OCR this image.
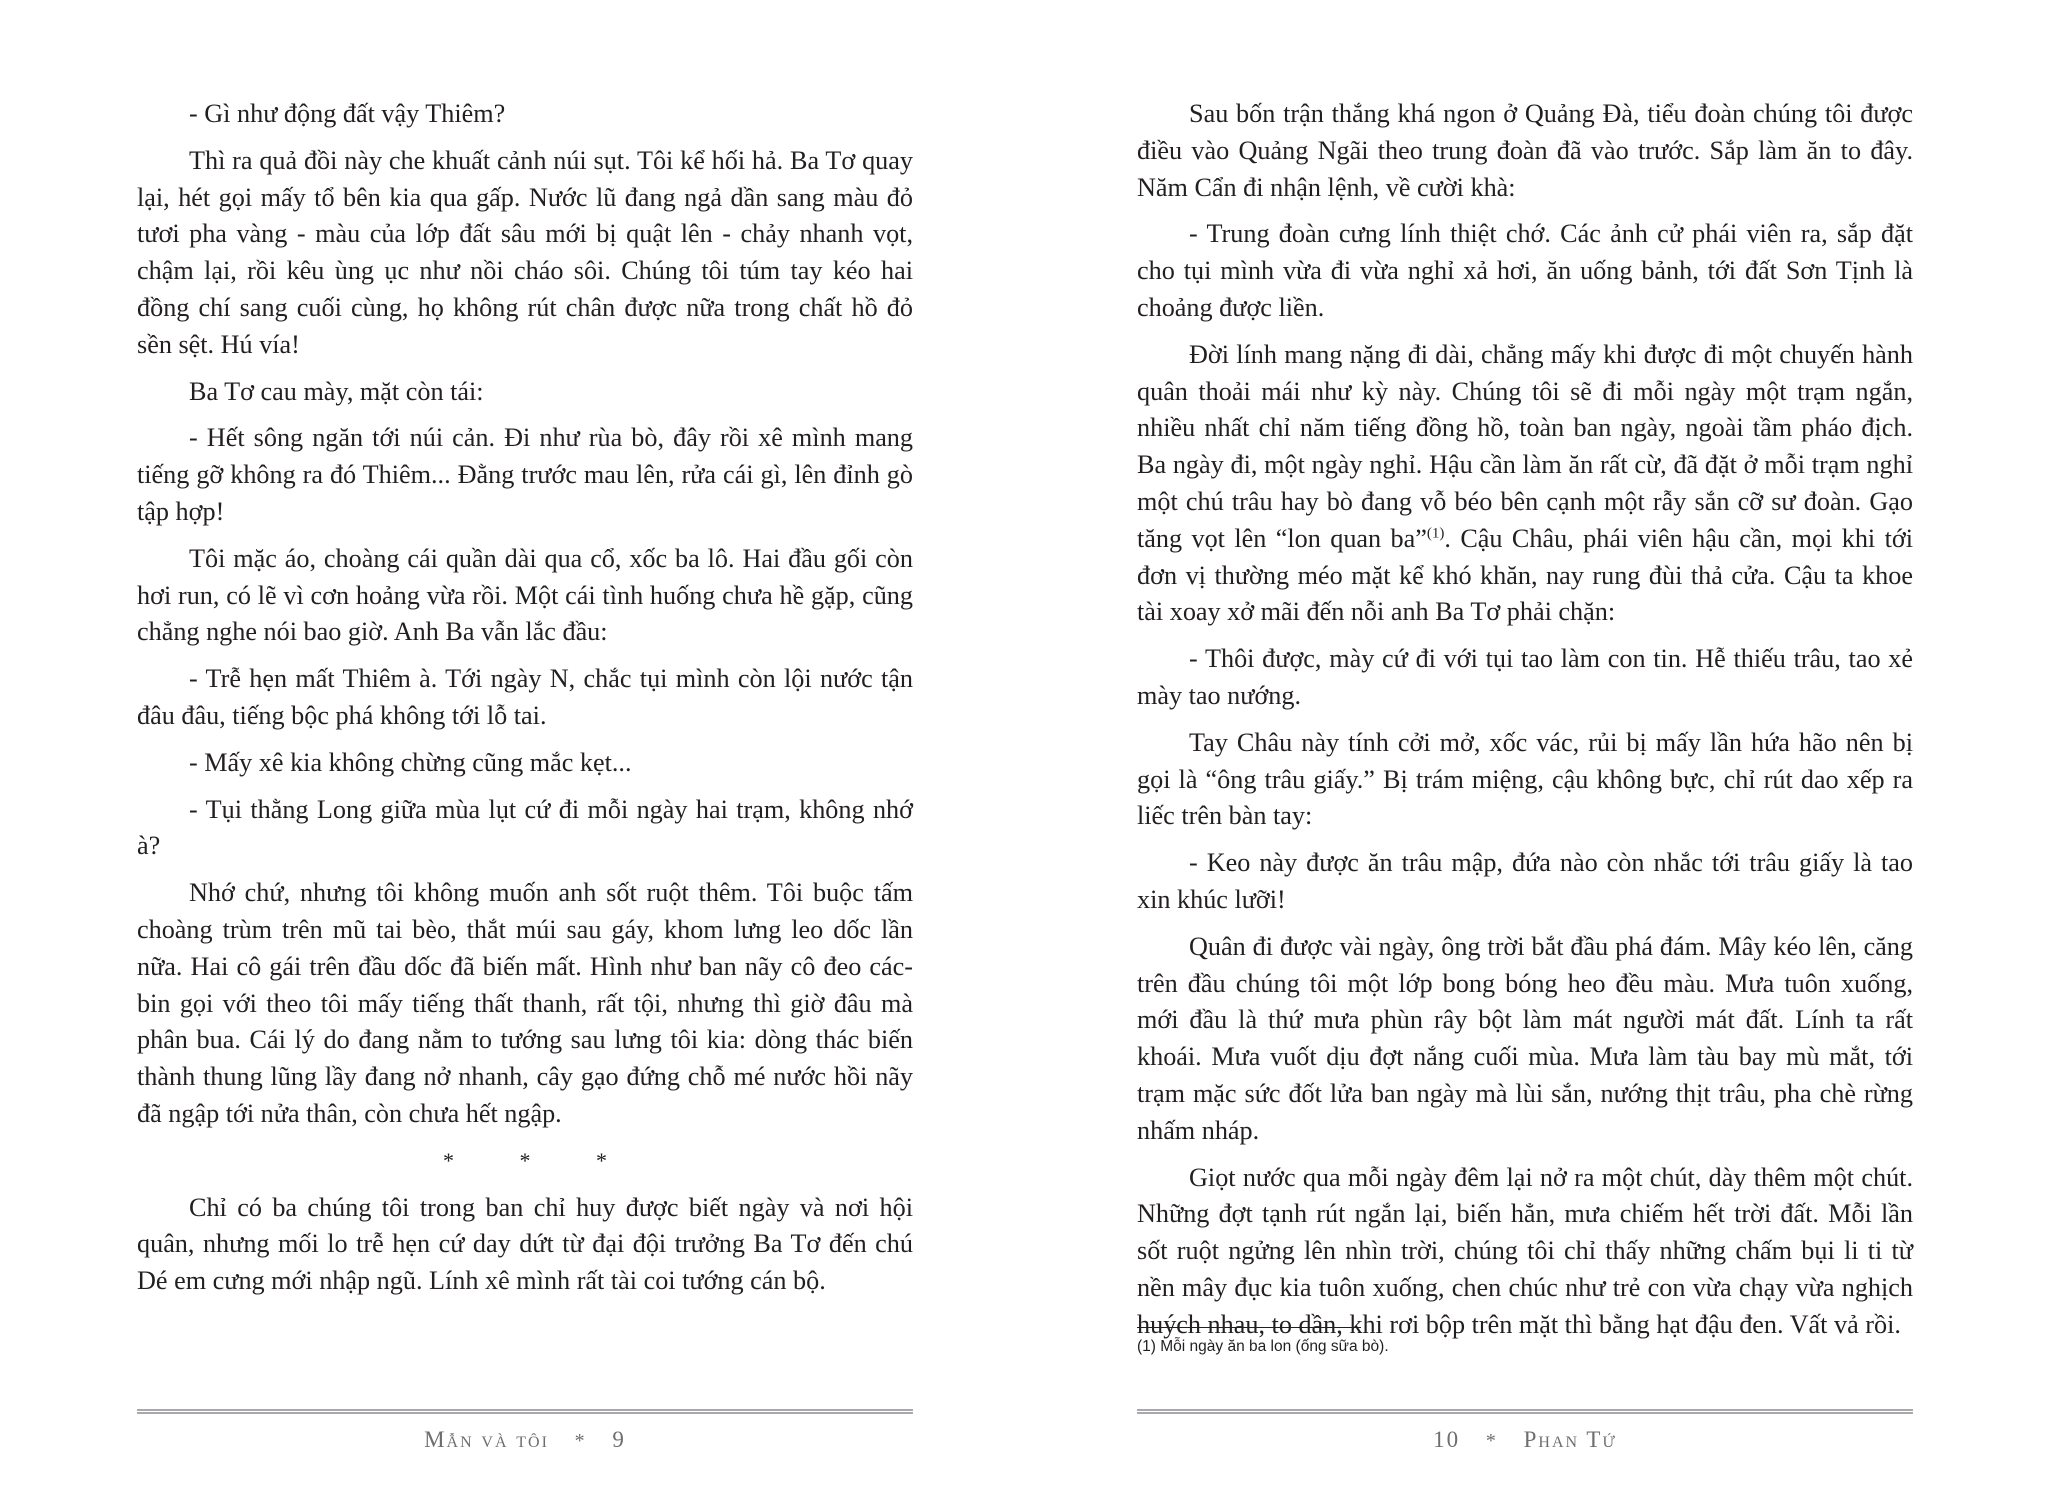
- Gì như động đất vậy Thiêm?

Thì ra quả đồi này che khuất cảnh núi sụt. Tôi kể hối hả. Ba Tơ quay lại, hét gọi mấy tổ bên kia qua gấp. Nước lũ đang ngả dần sang màu đỏ tươi pha vàng - màu của lớp đất sâu mới bị quật lên - chảy nhanh vọt, chậm lại, rồi kêu ùng ục như nồi cháo sôi. Chúng tôi túm tay kéo hai đồng chí sang cuối cùng, họ không rút chân được nữa trong chất hồ đỏ sền sệt. Hú vía!

Ba Tơ cau mày, mặt còn tái:

- Hết sông ngăn tới núi cản. Đi như rùa bò, đây rồi xê mình mang tiếng gỡ không ra đó Thiêm... Đằng trước mau lên, rửa cái gì, lên đỉnh gò tập hợp!

Tôi mặc áo, choàng cái quần dài qua cổ, xốc ba lô. Hai đầu gối còn hơi run, có lẽ vì cơn hoảng vừa rồi. Một cái tình huống chưa hề gặp, cũng chẳng nghe nói bao giờ. Anh Ba vẫn lắc đầu:

- Trễ hẹn mất Thiêm à. Tới ngày N, chắc tụi mình còn lội nước tận đâu đâu, tiếng bộc phá không tới lỗ tai.

- Mấy xê kia không chừng cũng mắc kẹt...

- Tụi thằng Long giữa mùa lụt cứ đi mỗi ngày hai trạm, không nhớ à?

Nhớ chứ, nhưng tôi không muốn anh sốt ruột thêm. Tôi buộc tấm choàng trùm trên mũ tai bèo, thắt múi sau gáy, khom lưng leo dốc lần nữa. Hai cô gái trên đầu dốc đã biến mất. Hình như ban nãy cô đeo các-bin gọi với theo tôi mấy tiếng thất thanh, rất tội, nhưng thì giờ đâu mà phân bua. Cái lý do đang nằm to tướng sau lưng tôi kia: dòng thác biến thành thung lũng lầy đang nở nhanh, cây gạo đứng chỗ mé nước hồi nãy đã ngập tới nửa thân, còn chưa hết ngập.

* * *

Chỉ có ba chúng tôi trong ban chỉ huy được biết ngày và nơi hội quân, nhưng mối lo trễ hẹn cứ day dứt từ đại đội trưởng Ba Tơ đến chú Dé em cưng mới nhập ngũ. Lính xê mình rất tài coi tướng cán bộ.

Mẫn và tôi * 9

Sau bốn trận thắng khá ngon ở Quảng Đà, tiểu đoàn chúng tôi được điều vào Quảng Ngãi theo trung đoàn đã vào trước. Sắp làm ăn to đây. Năm Cẩn đi nhận lệnh, về cười khà:

- Trung đoàn cưng lính thiệt chớ. Các ảnh cử phái viên ra, sắp đặt cho tụi mình vừa đi vừa nghỉ xả hơi, ăn uống bảnh, tới đất Sơn Tịnh là choảng được liền.

Đời lính mang nặng đi dài, chẳng mấy khi được đi một chuyến hành quân thoải mái như kỳ này. Chúng tôi sẽ đi mỗi ngày một trạm ngắn, nhiều nhất chỉ năm tiếng đồng hồ, toàn ban ngày, ngoài tầm pháo địch. Ba ngày đi, một ngày nghỉ. Hậu cần làm ăn rất cừ, đã đặt ở mỗi trạm nghỉ một chú trâu hay bò đang vỗ béo bên cạnh một rẫy sắn cỡ sư đoàn. Gạo tăng vọt lên “lon quan ba”$^{(1)}$. Cậu Châu, phái viên hậu cần, mọi khi tới đơn vị thường méo mặt kể khó khăn, nay rung đùi thả cửa. Cậu ta khoe tài xoay xở mãi đến nỗi anh Ba Tơ phải chặn:

- Thôi được, mày cứ đi với tụi tao làm con tin. Hễ thiếu trâu, tao xẻ mày tao nướng.

Tay Châu này tính cởi mở, xốc vác, rủi bị mấy lần hứa hão nên bị gọi là “ông trâu giấy.” Bị trám miệng, cậu không bực, chỉ rút dao xếp ra liếc trên bàn tay:

- Keo này được ăn trâu mập, đứa nào còn nhắc tới trâu giấy là tao xin khúc lưỡi!

Quân đi được vài ngày, ông trời bắt đầu phá đám. Mây kéo lên, căng trên đầu chúng tôi một lớp bong bóng heo đều màu. Mưa tuôn xuống, mới đầu là thứ mưa phùn rây bột làm mát người mát đất. Lính ta rất khoái. Mưa vuốt dịu đợt nắng cuối mùa. Mưa làm tàu bay mù mắt, tới trạm mặc sức đốt lửa ban ngày mà lùi sắn, nướng thịt trâu, pha chè rừng nhấm nháp.

Giọt nước qua mỗi ngày đêm lại nở ra một chút, dày thêm một chút. Những đợt tạnh rút ngắn lại, biến hẳn, mưa chiếm hết trời đất. Mỗi lần sốt ruột ngửng lên nhìn trời, chúng tôi chỉ thấy những chấm bụi li ti từ nền mây đục kia tuôn xuống, chen chúc như trẻ con vừa chạy vừa nghịch huých nhau, to dần, khi rơi bộp trên mặt thì bằng hạt đậu đen. Vất vả rồi.

(1) Mỗi ngày ăn ba lon (ống sữa bò).
10 * Phan Tứ
